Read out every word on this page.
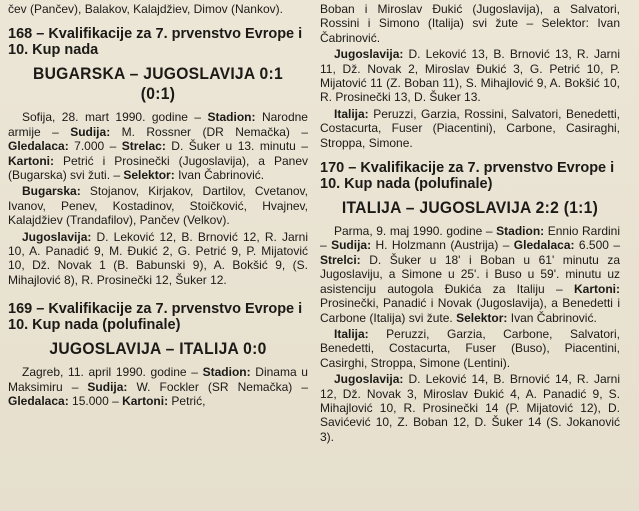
čev (Pančev), Balakov, Kalajdžiev, Dimov (Nankov).

168 – Kvalifikacije za 7. prvenstvo Evrope i 10. Kup nada
BUGARSKA – JUGOSLAVIJA 0:1 (0:1)

Sofija, 28. mart 1990. godine – Stadion: Narodne armije – Sudija: M. Rossner (DR Nemačka) – Gledalaca: 7.000 – Strelac: D. Šuker u 13. minutu – Kartoni: Petrić i Prosinečki (Jugoslavija), a Panev (Bugarska) svi žuti. – Selektor: Ivan Čabrinović.

Bugarska: Stojanov, Kirjakov, Dartilov, Cvetanov, Ivanov, Penev, Kostadinov, Stoičković, Hvajnev, Kalajdžiev (Trandafilov), Pančev (Velkov).

Jugoslavija: D. Leković 12, B. Brnović 12, R. Jarni 10, A. Panadić 9, M. Đukić 2, G. Petrić 9, P. Mijatović 10, Dž. Novak 1 (B. Babunski 9), A. Bokšić 9, (S. Mihajlović 8), R. Prosinečki 12, Šuker 12.

169 – Kvalifikacije za 7. prvenstvo Evrope i 10. Kup nada (polufinale)
JUGOSLAVIJA – ITALIJA 0:0

Zagreb, 11. april 1990. godine – Stadion: Dinama u Maksimiru – Sudija: W. Fockler (SR Nemačka) – Gledalaca: 15.000 – Kartoni: Petrić,

Boban i Miroslav Đukić (Jugoslavija), a Salvatori, Rossini i Simono (Italija) svi žute – Selektor: Ivan Čabrinović.

Jugoslavija: D. Leković 13, B. Brnović 13, R. Jarni 11, Dž. Novak 2, Miroslav Đukić 3, G. Petrić 10, P. Mijatović 11 (Z. Boban 11), S. Mihajlović 9, A. Bokšić 10, R. Prosinečki 13, D. Šuker 13.

Italija: Peruzzi, Garzia, Rossini, Salvatori, Benedetti, Costacurta, Fuser (Piacentini), Carbone, Casiraghi, Stroppa, Simone.

170 – Kvalifikacije za 7. prvenstvo Evrope i 10. Kup nada (polufinale)
ITALIJA – JUGOSLAVIJA 2:2 (1:1)

Parma, 9. maj 1990. godine – Stadion: Ennio Rardini – Sudija: H. Holzmann (Austrija) – Gledalaca: 6.500 – Strelci: D. Šuker u 18' i Boban u 61' minutu za Jugoslaviju, a Simone u 25'. i Buso u 59'. minutu uz asistenciju autogola Đukića za Italiju – Kartoni: Prosinečki, Panadić i Novak (Jugoslavija), a Benedetti i Carbone (Italija) svi žute. Selektor: Ivan Čabrinović.

Italija: Peruzzi, Garzia, Carbone, Salvatori, Benedetti, Costacurta, Fuser (Buso), Piacentini, Casirghi, Stroppa, Simone (Lentini).

Jugoslavija: D. Leković 14, B. Brnović 14, R. Jarni 12, Dž. Novak 3, Miroslav Đukić 4, A. Panadić 9, S. Mihajlović 10, R. Prosinečki 14 (P. Mijatović 12), D. Savićević 10, Z. Boban 12, D. Šuker 14 (S. Jokanović 3).
